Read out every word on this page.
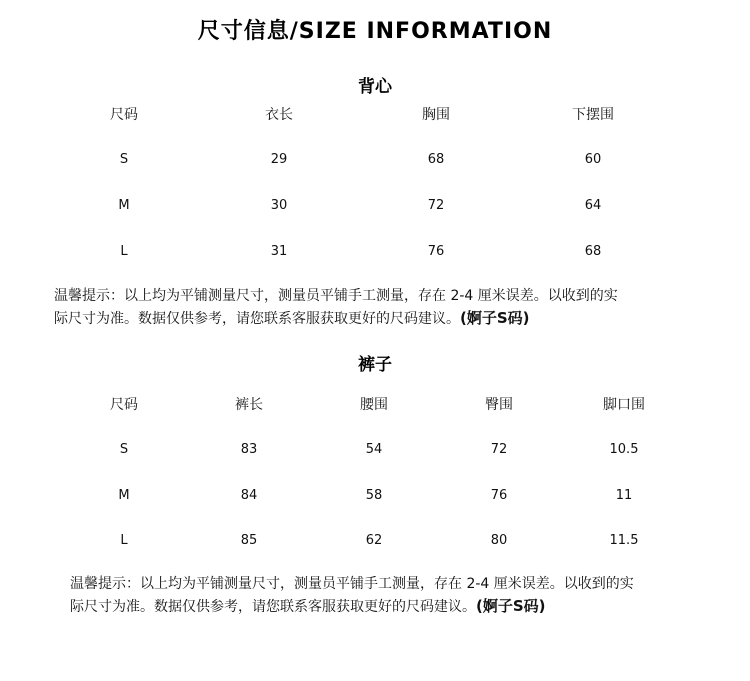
尺寸信息/SIZE INFORMATION
背心
尺码	衣长	胸围	下摆围
S	29	68	60
M	30	72	64
L	31	76	68
温馨提示：以上均为平铺测量尺寸，测量员平铺手工测量，存在 2-4 厘米误差。以收到的实
际尺寸为准。数据仅供参考，请您联系客服获取更好的尺码建议。(婀子S码)
裤子
尺码	裤长	腰围	臀围	脚口围
S	83	54	72	10.5
M	84	58	76	11
L	85	62	80	11.5
温馨提示：以上均为平铺测量尺寸，测量员平铺手工测量，存在 2-4 厘米误差。以收到的实
际尺寸为准。数据仅供参考，请您联系客服获取更好的尺码建议。(婀子S码)
